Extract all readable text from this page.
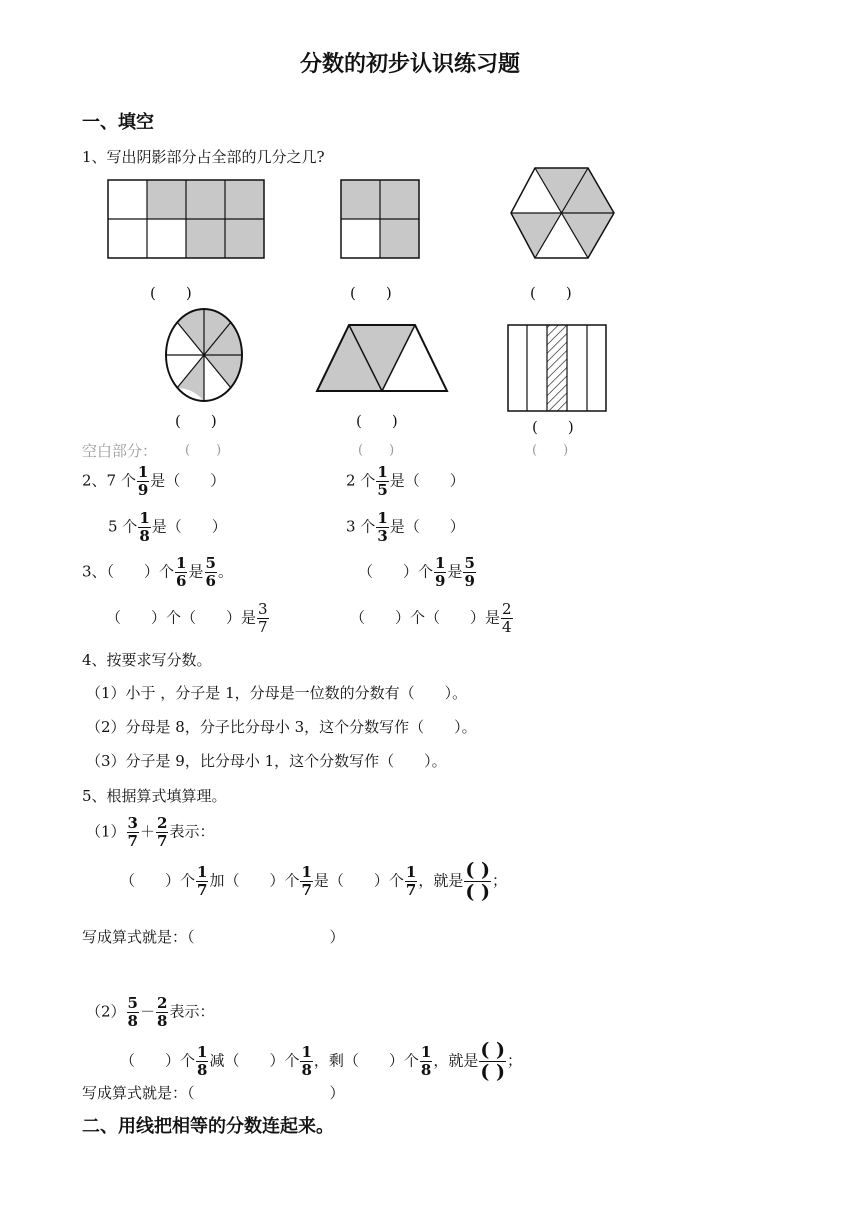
分数的初步认识练习题
一、填空
1、写出阴影部分占全部的几分之几?
(　　)	(　　)	(　　)
(　　)	(　　)	(　　)
空白部分： (　　)	(　　)	(　　)
2、7 个 $\frac{1}{9}$ 是（　　）	2 个 $\frac{1}{5}$ 是（　　）
5 个 $\frac{1}{8}$ 是（　　）	3 个 $\frac{1}{3}$ 是（　　）
3、（　　）个 $\frac{1}{6}$ 是 $\frac{5}{6}$ 。	（　　）个 $\frac{1}{9}$ 是 $\frac{5}{9}$
（　　）个（　　）是 $\frac{3}{7}$	（　　）个（　　）是 $\frac{2}{4}$
4、按要求写分数。
（1）小于 ，分子是 1，分母是一位数的分数有（　　）。
（2）分母是 8，分子比分母小 3，这个分数写作（　　）。
（3）分子是 9，比分母小 1，这个分数写作（　　）。
5、根据算式填算理。
$(1) \frac{3}{7} + \frac{2}{7}$ 表示：
（　　）个 $\frac{1}{7}$ 加（　　）个 $\frac{1}{7}$ 是（　　）个 $\frac{1}{7}$ ，就是 $\frac{( )}{( )}$ ；
写成算式就是：（　　　　　　　　　）
$(2) \frac{5}{8} - \frac{2}{8}$ 表示：
（　　）个 $\frac{1}{8}$ 减（　　）个 $\frac{1}{8}$ ，剩（　　）个 $\frac{1}{8}$ ，就是 $\frac{( )}{( )}$ ；
写成算式就是：（　　　　　　　　　）
二、用线把相等的分数连起来。
